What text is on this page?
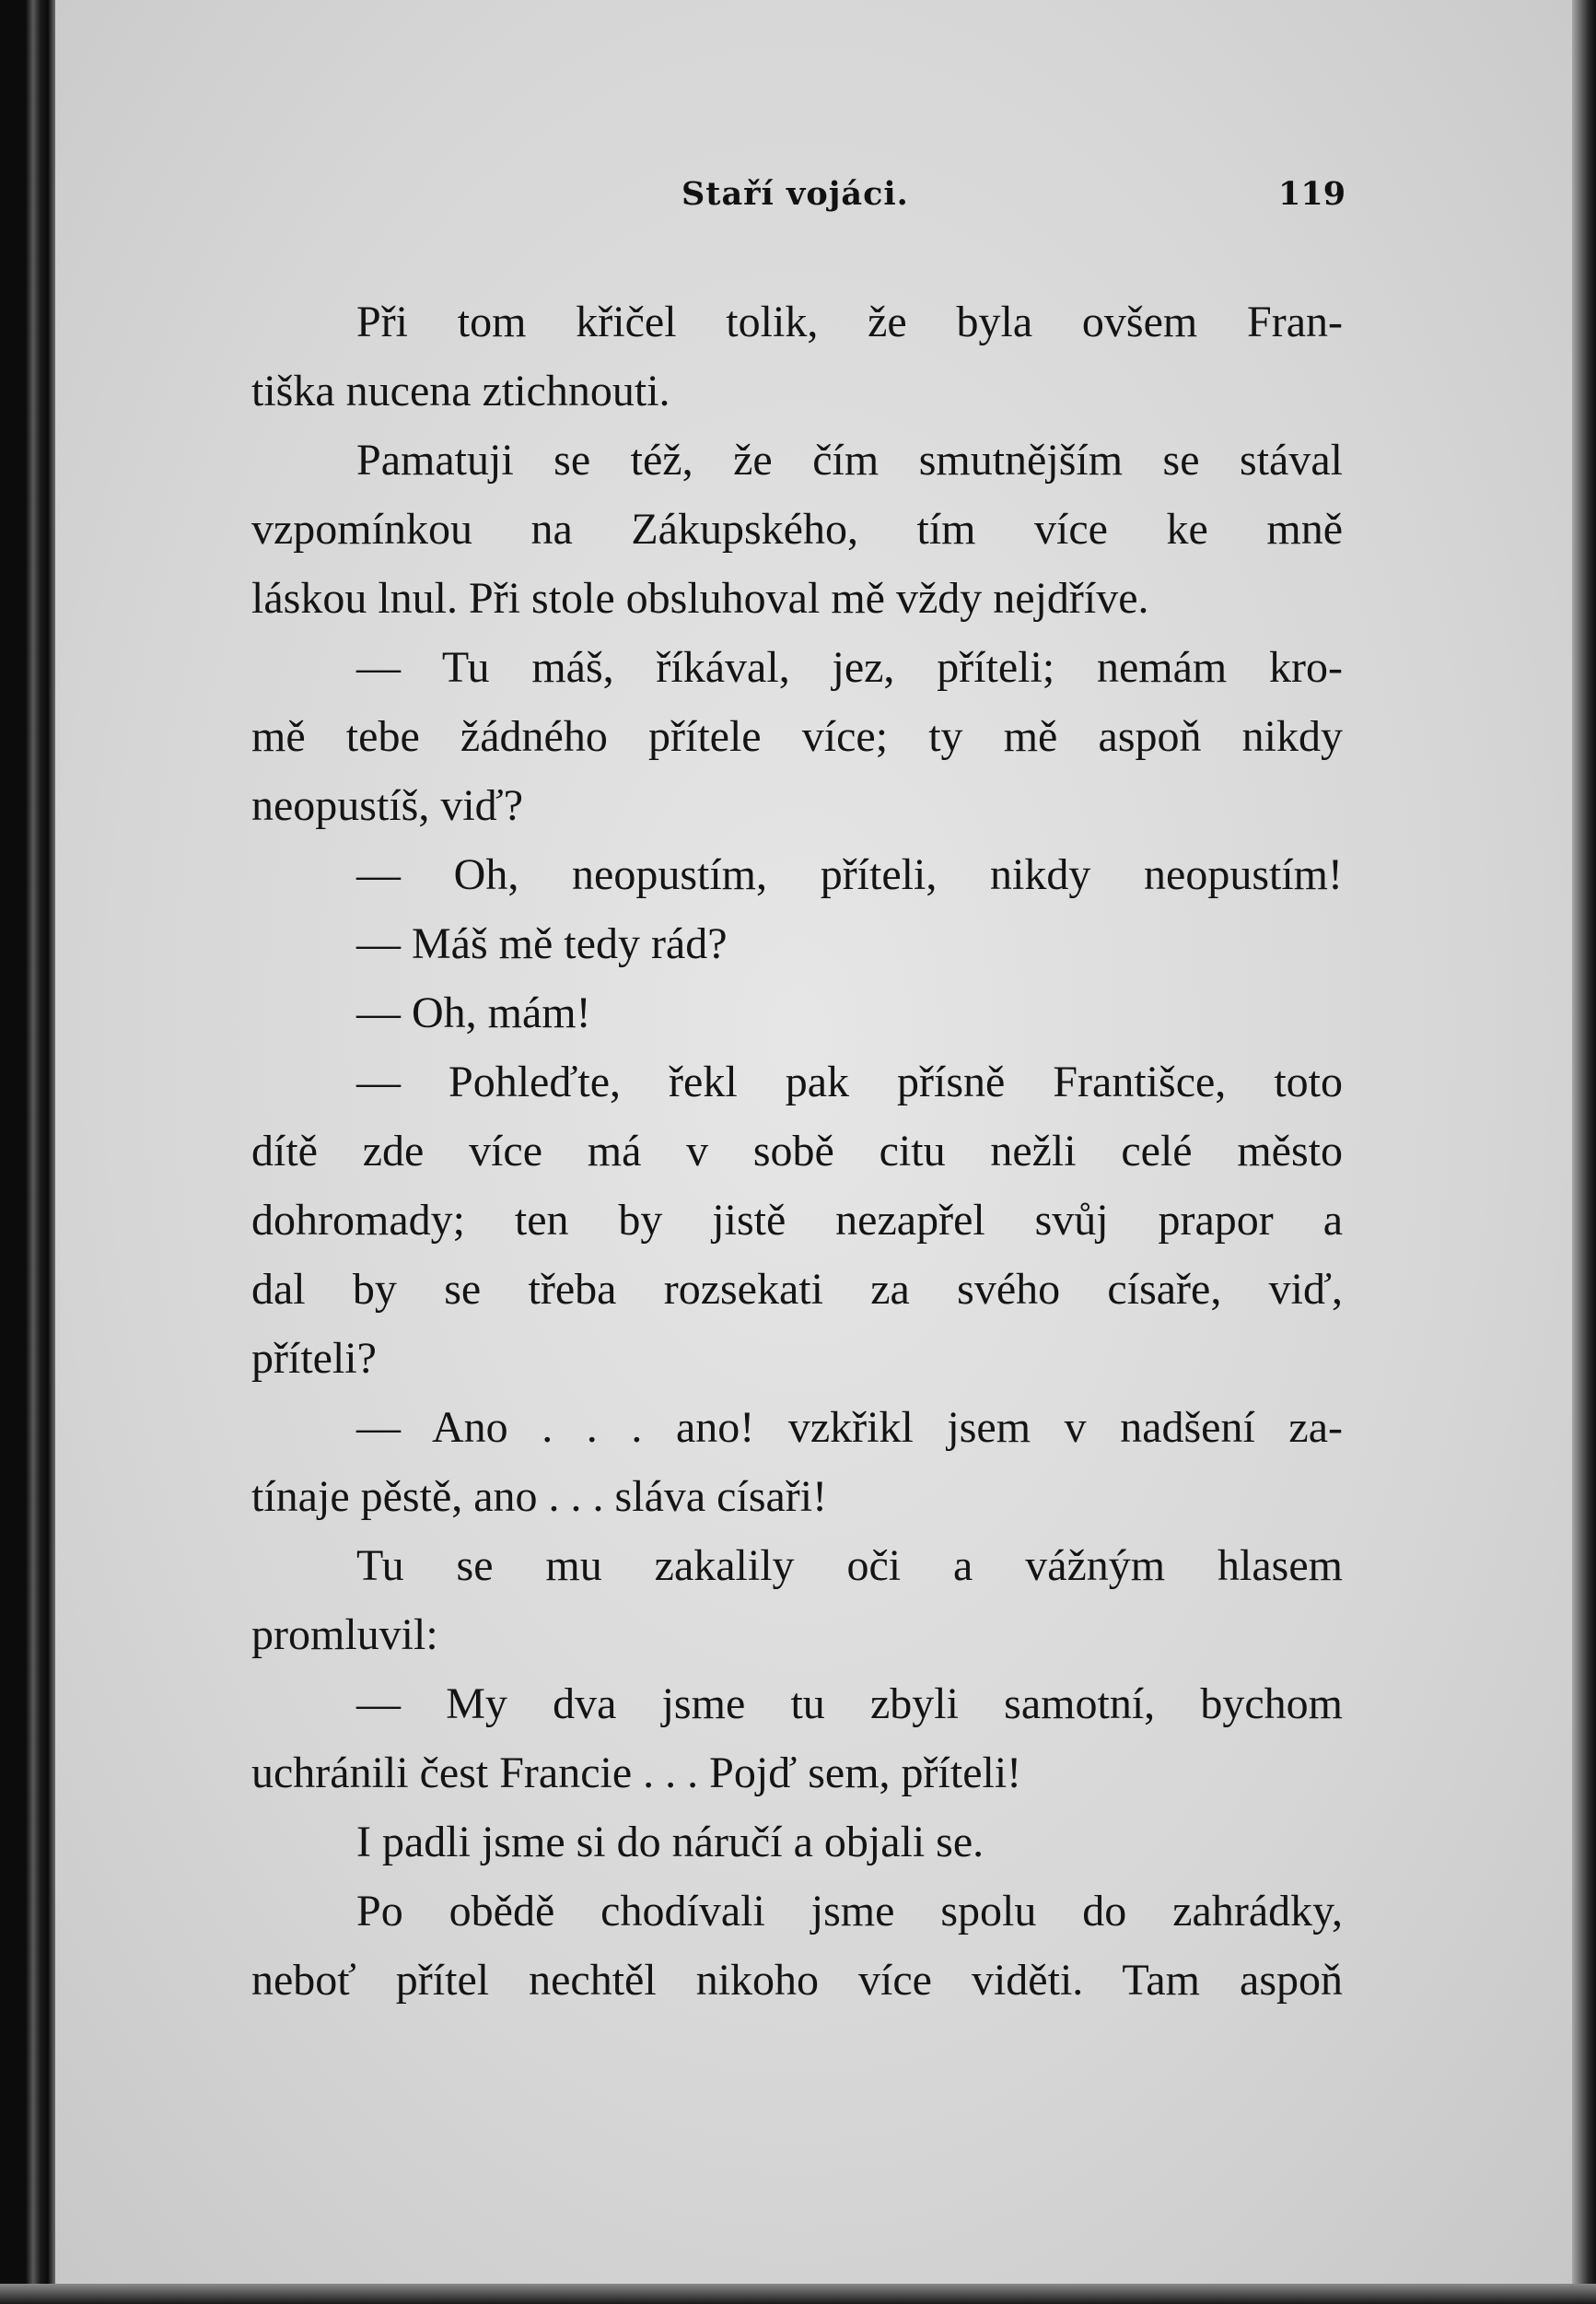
Staří vojáci.	119
Při tom křičel tolik, že byla ovšem Fran-
tiška nucena ztichnouti.
Pamatuji se též, že čím smutnějším se stával
vzpomínkou na Zákupského, tím více ke mně
láskou lnul. Při stole obsluhoval mě vždy nejdříve.
— Tu máš, říkával, jez, příteli; nemám kro-
mě tebe žádného přítele více; ty mě aspoň nikdy
neopustíš, viď?
— Oh, neopustím, příteli, nikdy neopustím!
— Máš mě tedy rád?
— Oh, mám!
— Pohleďte, řekl pak přísně Františce, toto
dítě zde více má v sobě citu nežli celé město
dohromady; ten by jistě nezapřel svůj prapor a
dal by se třeba rozsekati za svého císaře, viď,
příteli?
— Ano . . . ano! vzkřikl jsem v nadšení za-
tínaje pěstě, ano . . . sláva císaři!
Tu se mu zakalily oči a vážným hlasem
promluvil:
— My dva jsme tu zbyli samotní, bychom
uchránili čest Francie . . . Pojď sem, příteli!
I padli jsme si do náručí a objali se.
Po obědě chodívali jsme spolu do zahrádky,
neboť přítel nechtěl nikoho více viděti. Tam aspoň
